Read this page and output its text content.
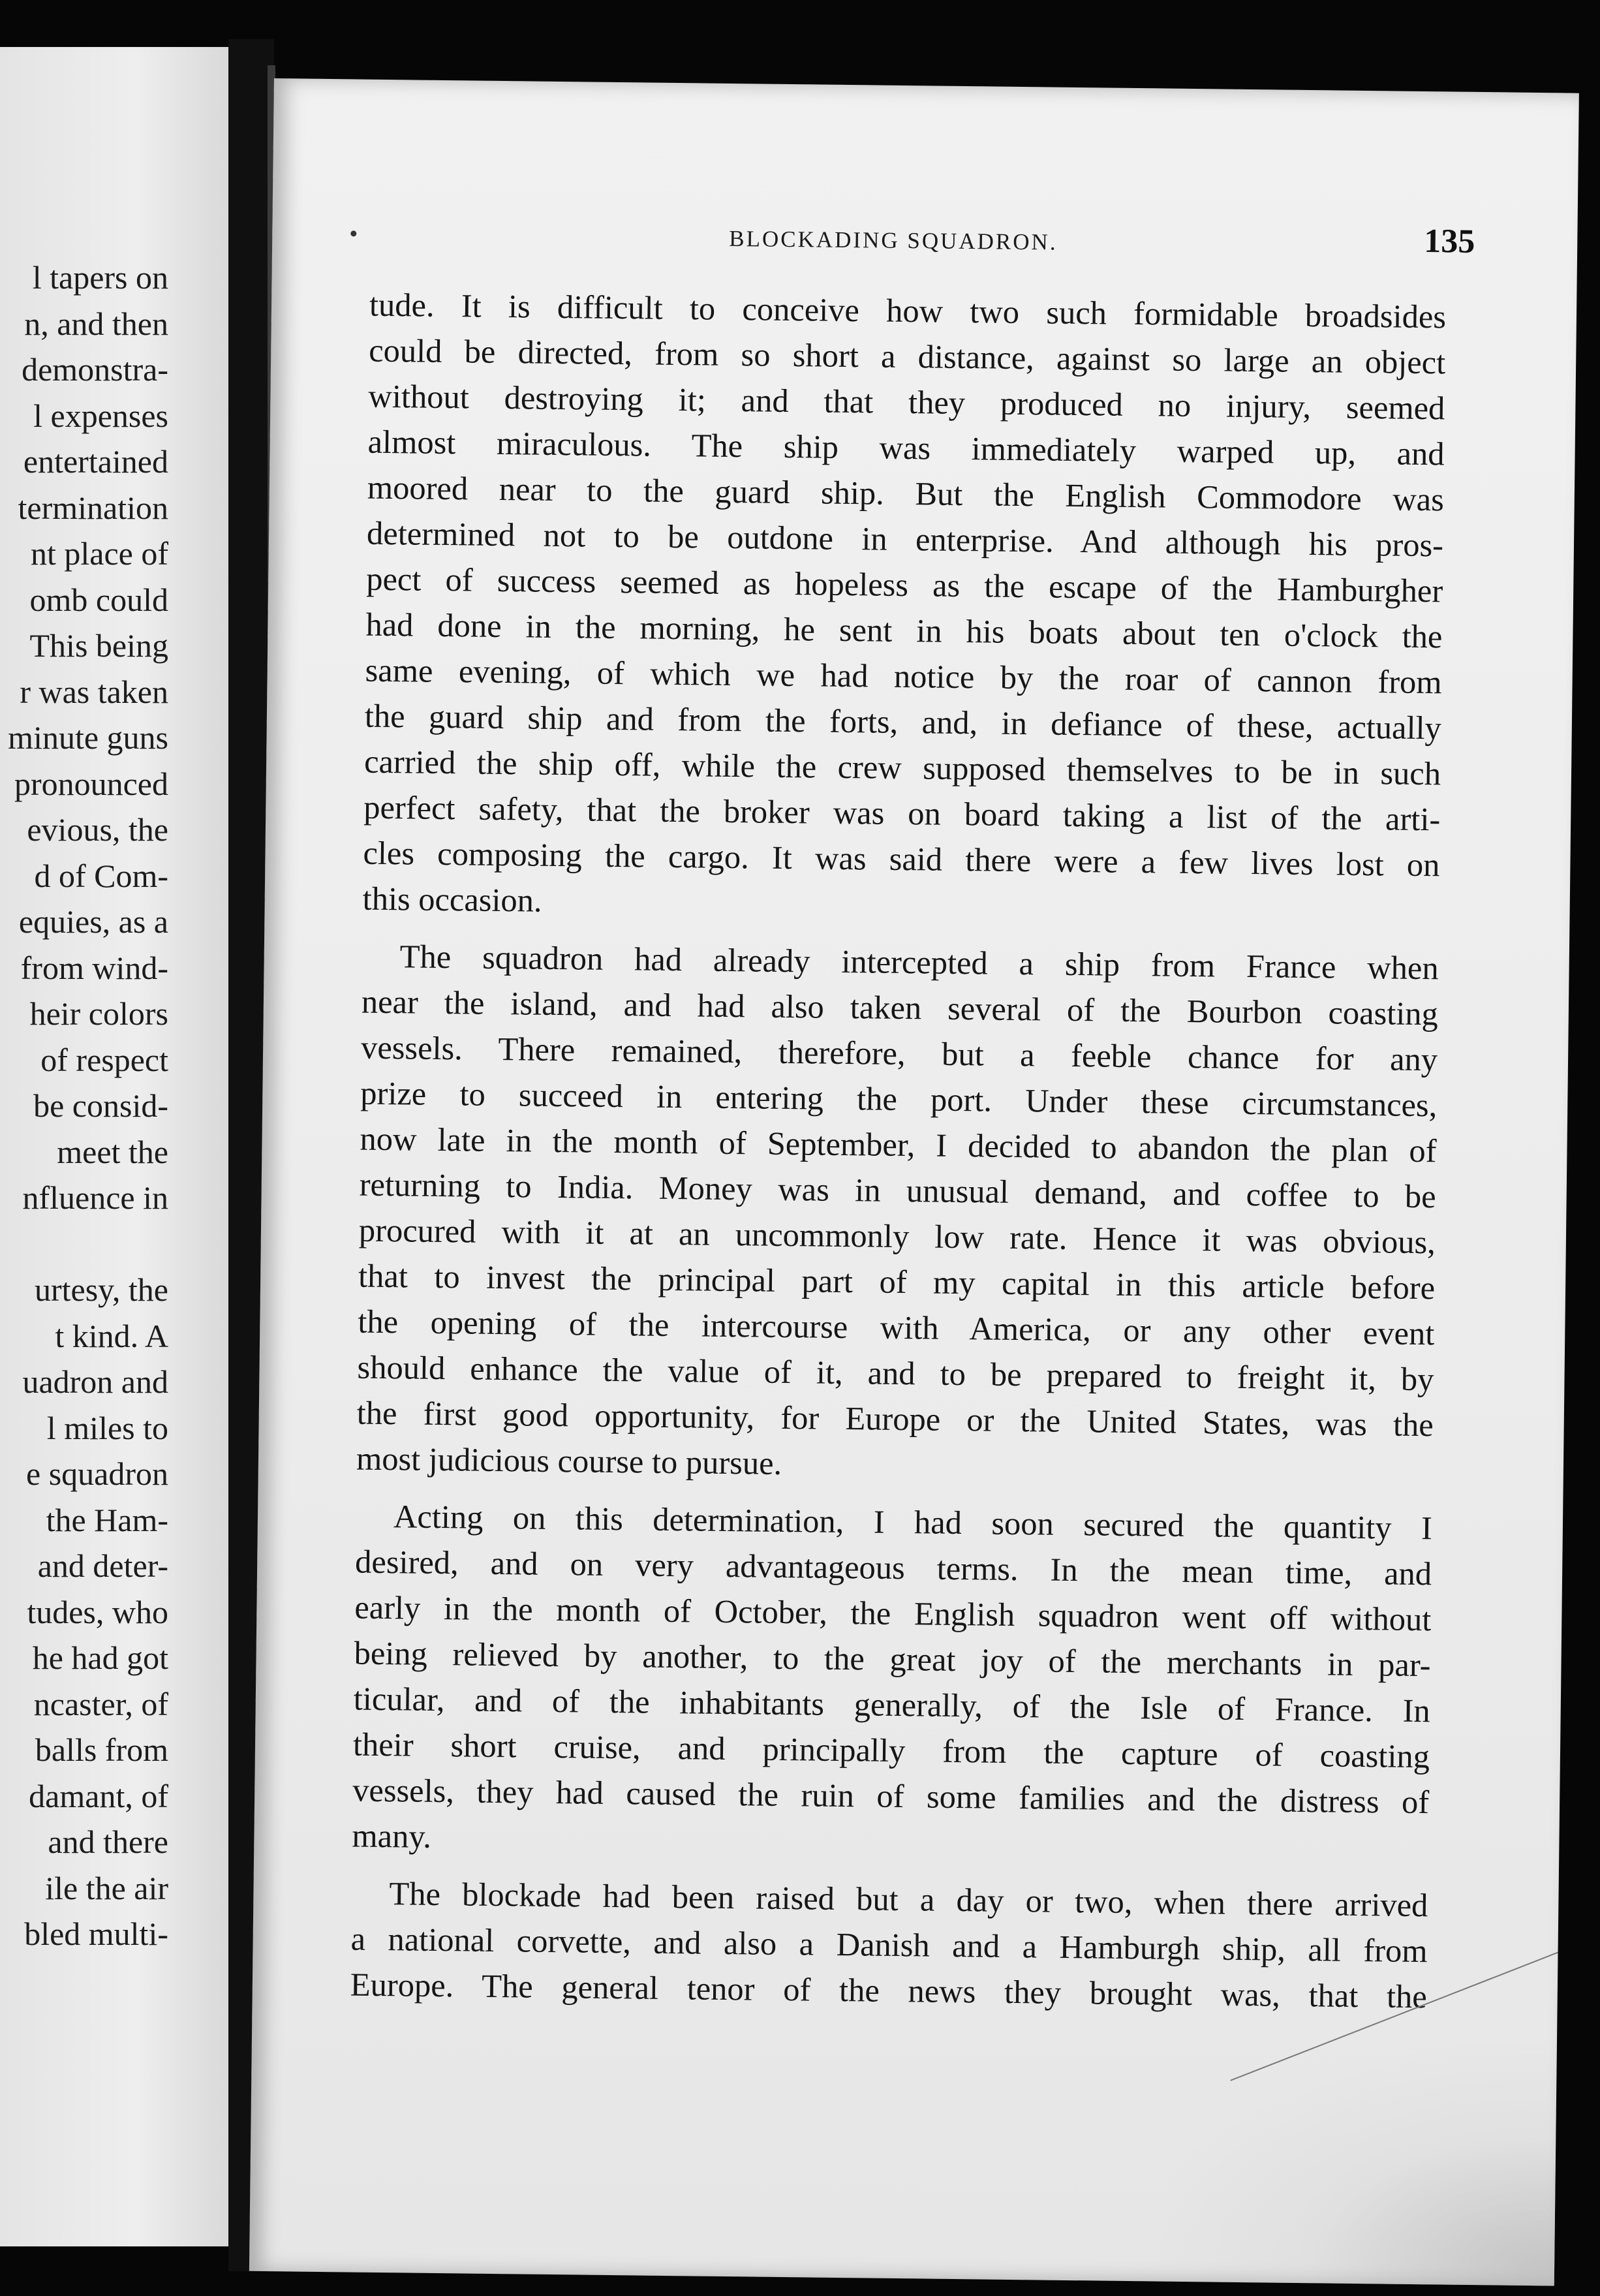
l tapers on
n, and then
demonstra-
l expenses
entertained
termination
nt place of
omb could
This being
r was taken
minute guns
pronounced
evious, the
d of Com-
equies, as a
from wind-
heir colors
of respect
be consid-
meet the
nfluence in
urtesy, the
t kind. A
uadron and
l miles to
e squadron
the Ham-
and deter-
tudes, who
he had got
ncaster, of
balls from
damant, of
and there
ile the air
bled multi-
BLOCKADING SQUADRON.	135
tude. It is difficult to conceive how two such formidable broadsides
could be directed, from so short a distance, against so large an object
without destroying it; and that they produced no injury, seemed
almost miraculous. The ship was immediately warped up, and
moored near to the guard ship. But the English Commodore was
determined not to be outdone in enterprise. And although his pros-
pect of success seemed as hopeless as the escape of the Hamburgher
had done in the morning, he sent in his boats about ten o'clock the
same evening, of which we had notice by the roar of cannon from
the guard ship and from the forts, and, in defiance of these, actually
carried the ship off, while the crew supposed themselves to be in such
perfect safety, that the broker was on board taking a list of the arti-
cles composing the cargo. It was said there were a few lives lost on
this occasion.
The squadron had already intercepted a ship from France when
near the island, and had also taken several of the Bourbon coasting
vessels. There remained, therefore, but a feeble chance for any
prize to succeed in entering the port. Under these circumstances,
now late in the month of September, I decided to abandon the plan of
returning to India. Money was in unusual demand, and coffee to be
procured with it at an uncommonly low rate. Hence it was obvious,
that to invest the principal part of my capital in this article before
the opening of the intercourse with America, or any other event
should enhance the value of it, and to be prepared to freight it, by
the first good opportunity, for Europe or the United States, was the
most judicious course to pursue.
Acting on this determination, I had soon secured the quantity I
desired, and on very advantageous terms. In the mean time, and
early in the month of October, the English squadron went off without
being relieved by another, to the great joy of the merchants in par-
ticular, and of the inhabitants generally, of the Isle of France. In
their short cruise, and principally from the capture of coasting
vessels, they had caused the ruin of some families and the distress of
many.
The blockade had been raised but a day or two, when there arrived
a national corvette, and also a Danish and a Hamburgh ship, all from
Europe. The general tenor of the news they brought was, that the
